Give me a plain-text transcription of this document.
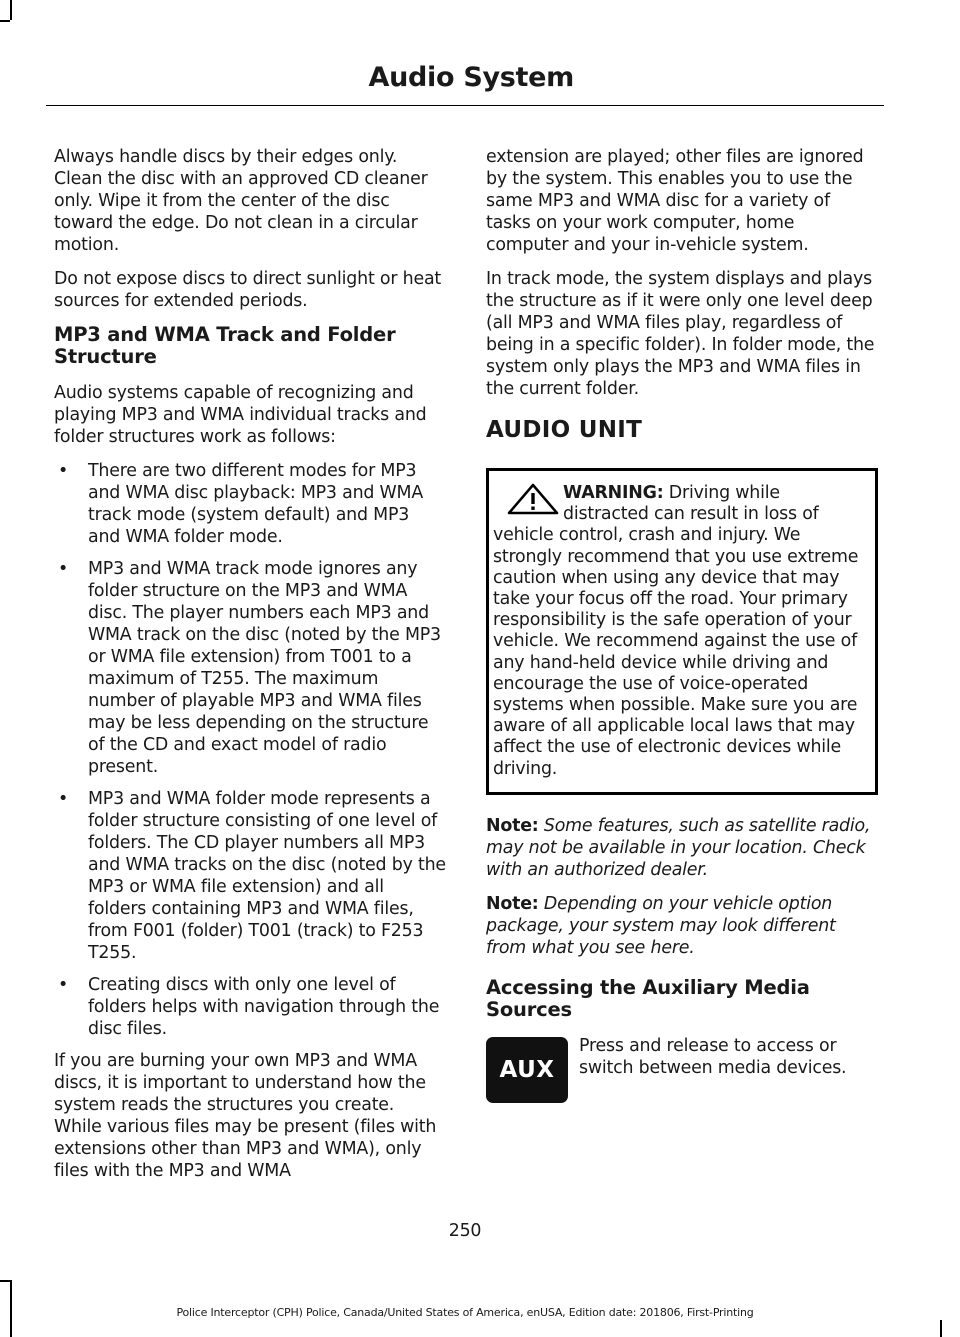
Audio System

Always handle discs by their edges only. Clean the disc with an approved CD cleaner only. Wipe it from the center of the disc toward the edge. Do not clean in a circular motion.

Do not expose discs to direct sunlight or heat sources for extended periods.

MP3 and WMA Track and Folder Structure

Audio systems capable of recognizing and playing MP3 and WMA individual tracks and folder structures work as follows:

• There are two different modes for MP3 and WMA disc playback: MP3 and WMA track mode (system default) and MP3 and WMA folder mode.
• MP3 and WMA track mode ignores any folder structure on the MP3 and WMA disc. The player numbers each MP3 and WMA track on the disc (noted by the MP3 or WMA file extension) from T001 to a maximum of T255. The maximum number of playable MP3 and WMA files may be less depending on the structure of the CD and exact model of radio present.
• MP3 and WMA folder mode represents a folder structure consisting of one level of folders. The CD player numbers all MP3 and WMA tracks on the disc (noted by the MP3 or WMA file extension) and all folders containing MP3 and WMA files, from F001 (folder) T001 (track) to F253 T255.
• Creating discs with only one level of folders helps with navigation through the disc files.

If you are burning your own MP3 and WMA discs, it is important to understand how the system reads the structures you create. While various files may be present (files with extensions other than MP3 and WMA), only files with the MP3 and WMA

extension are played; other files are ignored by the system. This enables you to use the same MP3 and WMA disc for a variety of tasks on your work computer, home computer and your in-vehicle system.

In track mode, the system displays and plays the structure as if it were only one level deep (all MP3 and WMA files play, regardless of being in a specific folder). In folder mode, the system only plays the MP3 and WMA files in the current folder.

AUDIO UNIT
WARNING: Driving while distracted can result in loss of vehicle control, crash and injury. We strongly recommend that you use extreme caution when using any device that may take your focus off the road. Your primary responsibility is the safe operation of your vehicle. We recommend against the use of any hand-held device while driving and encourage the use of voice-operated systems when possible. Make sure you are aware of all applicable local laws that may affect the use of electronic devices while driving.

Note: Some features, such as satellite radio, may not be available in your location. Check with an authorized dealer.

Note: Depending on your vehicle option package, your system may look different from what you see here.

Accessing the Auxiliary Media Sources
AUX

Press and release to access or switch between media devices.

250

Police Interceptor (CPH) Police, Canada/United States of America, enUSA, Edition date: 201806, First-Printing
